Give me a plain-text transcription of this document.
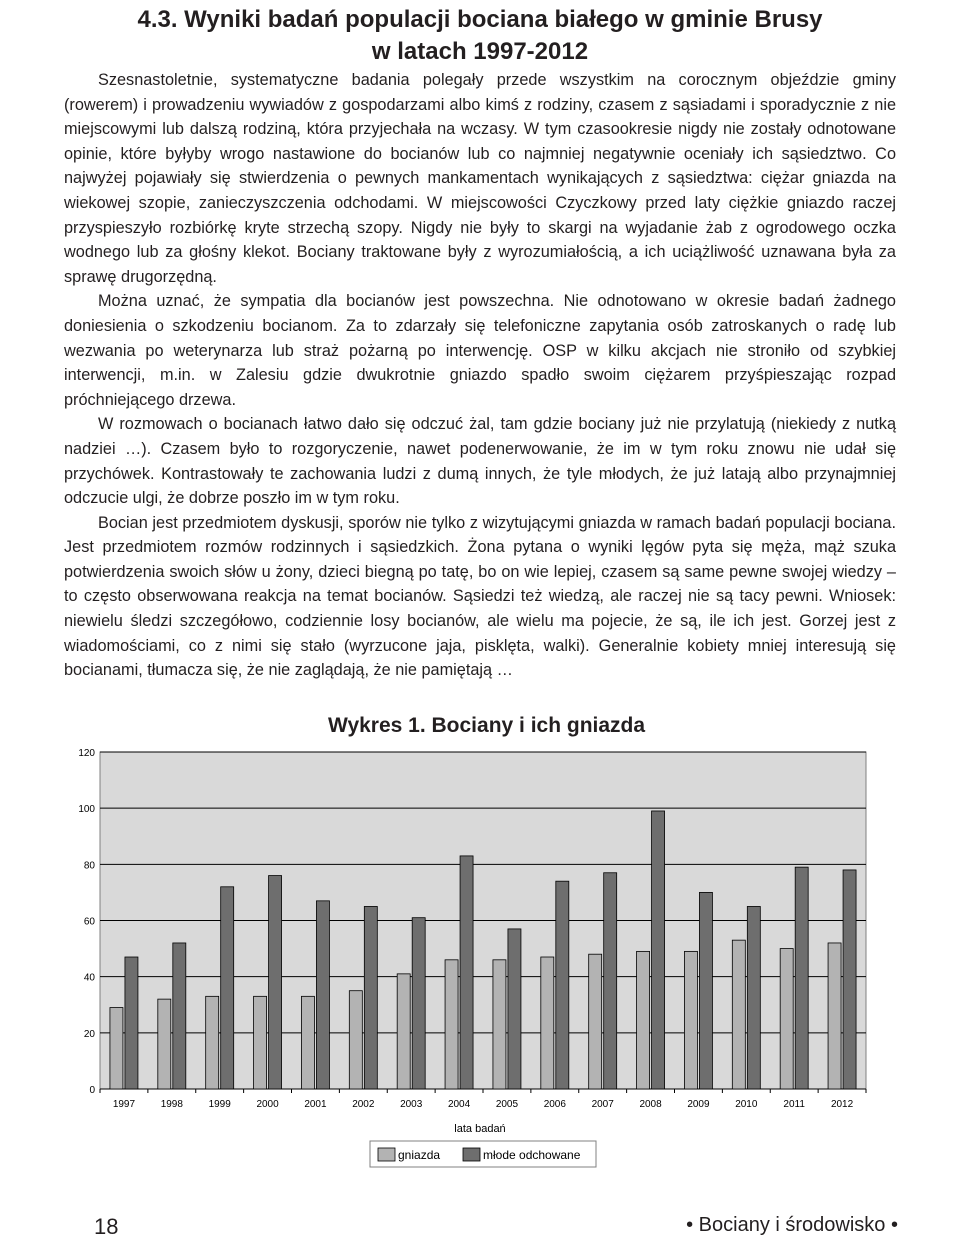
4.3. Wyniki badań populacji bociana białego w gminie Brusy
w latach 1997-2012

Szesnastoletnie, systematyczne badania polegały przede wszystkim na corocznym objeździe gminy (rowerem) i prowadzeniu wywiadów z gospodarzami albo kimś z rodziny, czasem z sąsiadami i sporadycznie z nie miejscowymi lub dalszą rodziną, która przyjechała na wczasy. W tym czasookresie nigdy nie zostały odnotowane opinie, które byłyby wrogo nastawione do bocianów lub co najmniej negatywnie oceniały ich sąsiedztwo. Co najwyżej pojawiały się stwierdzenia o pewnych mankamentach wynikających z sąsiedztwa: ciężar gniazda na wiekowej szopie, zanieczyszczenia odchodami. W miejscowości Czyczkowy przed laty ciężkie gniazdo raczej przyspieszyło rozbiórkę kryte strzechą szopy. Nigdy nie były to skargi na wyjadanie żab z ogrodowego oczka wodnego lub za głośny klekot. Bociany traktowane były z wyrozumiałością, a ich uciążliwość uznawana była za sprawę drugorzędną.

Można uznać, że sympatia dla bocianów jest powszechna. Nie odnotowano w okresie badań żadnego doniesienia o szkodzeniu bocianom. Za to zdarzały się telefoniczne zapytania osób zatroskanych o radę lub wezwania po weterynarza lub straż pożarną po interwencję. OSP w kilku akcjach nie stroniło od szybkiej interwencji, m.in. w Zalesiu gdzie dwukrotnie gniazdo spadło swoim ciężarem przyśpieszając rozpad próchniejącego drzewa.

W rozmowach o bocianach łatwo dało się odczuć żal, tam gdzie bociany już nie przylatują (niekiedy z nutką nadziei …). Czasem było to rozgoryczenie, nawet podenerwowanie, że im w tym roku znowu nie udał się przychówek. Kontrastowały te zachowania ludzi z dumą innych, że tyle młodych, że już latają albo przynajmniej odczucie ulgi, że dobrze poszło im w tym roku.

Bocian jest przedmiotem dyskusji, sporów nie tylko z wizytującymi gniazda w ramach badań populacji bociana. Jest przedmiotem rozmów rodzinnych i sąsiedzkich. Żona pytana o wyniki lęgów pyta się męża, mąż szuka potwierdzenia swoich słów u żony, dzieci biegną po tatę, bo on wie lepiej, czasem są same pewne swojej wiedzy – to często obserwowana reakcja na temat bocianów. Sąsiedzi też wiedzą, ale raczej nie są tacy pewni. Wniosek: niewielu śledzi szczegółowo, codziennie losy bocianów, ale wielu ma pojecie, że są, ile ich jest. Gorzej jest z wiadomościami, co z nimi się stało (wyrzucone jaja, pisklęta, walki). Generalnie kobiety mniej interesują się bocianami, tłumacza się, że nie zaglądają, że nie pamiętają …

Wykres 1. Bociany i ich gniazda
0
20
40
60
80
100
120
1997	1998	1999	2000	2001	2002	2003	2004	2005	2006	2007	2008	2009	2010	2011	2012
lata badań
gniazda	młode odchowane
18	• Bociany i środowisko •
